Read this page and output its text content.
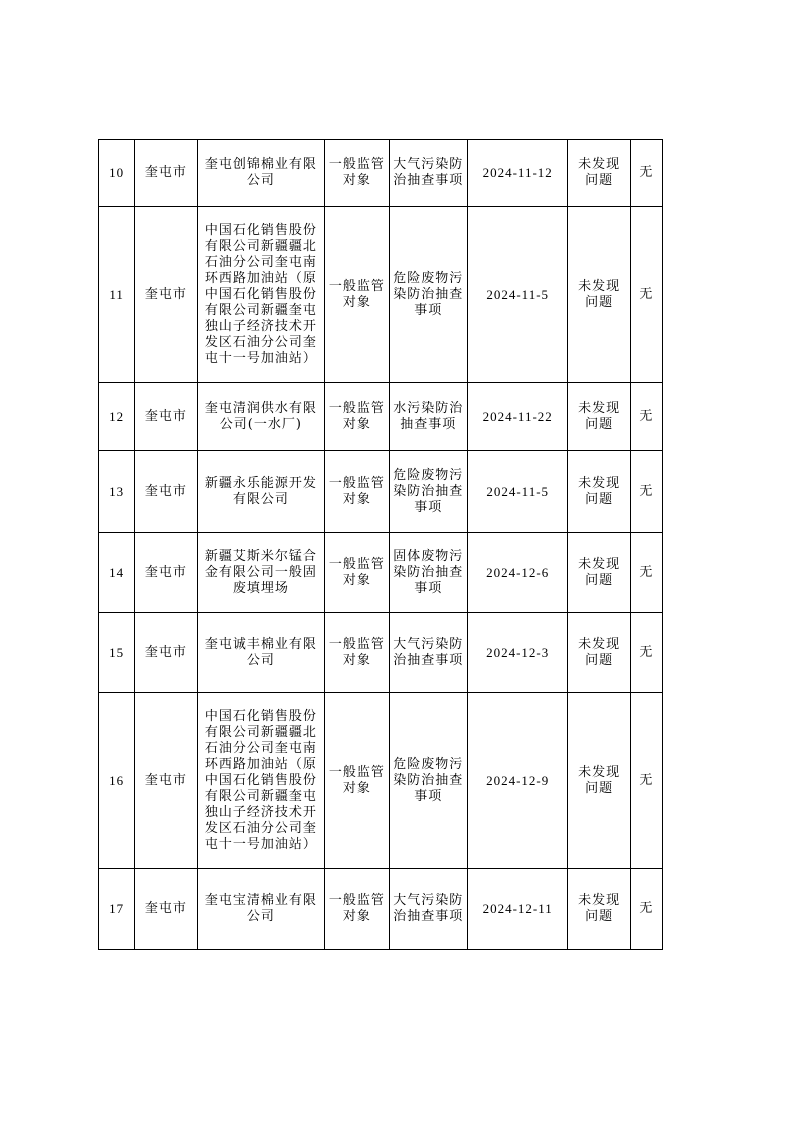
10	奎屯市	奎屯创锦棉业有限公司	一般监管对象	大气污染防治抽查事项	2024-11-12	未发现问题	无
11	奎屯市	中国石化销售股份有限公司新疆疆北石油分公司奎屯南环西路加油站（原中国石化销售股份有限公司新疆奎屯独山子经济技术开发区石油分公司奎屯十一号加油站）	一般监管对象	危险废物污染防治抽查事项	2024-11-5	未发现问题	无
12	奎屯市	奎屯清润供水有限公司(一水厂)	一般监管对象	水污染防治抽查事项	2024-11-22	未发现问题	无
13	奎屯市	新疆永乐能源开发有限公司	一般监管对象	危险废物污染防治抽查事项	2024-11-5	未发现问题	无
14	奎屯市	新疆艾斯米尔锰合金有限公司一般固废填埋场	一般监管对象	固体废物污染防治抽查事项	2024-12-6	未发现问题	无
15	奎屯市	奎屯诚丰棉业有限公司	一般监管对象	大气污染防治抽查事项	2024-12-3	未发现问题	无
16	奎屯市	中国石化销售股份有限公司新疆疆北石油分公司奎屯南环西路加油站（原中国石化销售股份有限公司新疆奎屯独山子经济技术开发区石油分公司奎屯十一号加油站）	一般监管对象	危险废物污染防治抽查事项	2024-12-9	未发现问题	无
17	奎屯市	奎屯宝清棉业有限公司	一般监管对象	大气污染防治抽查事项	2024-12-11	未发现问题	无
